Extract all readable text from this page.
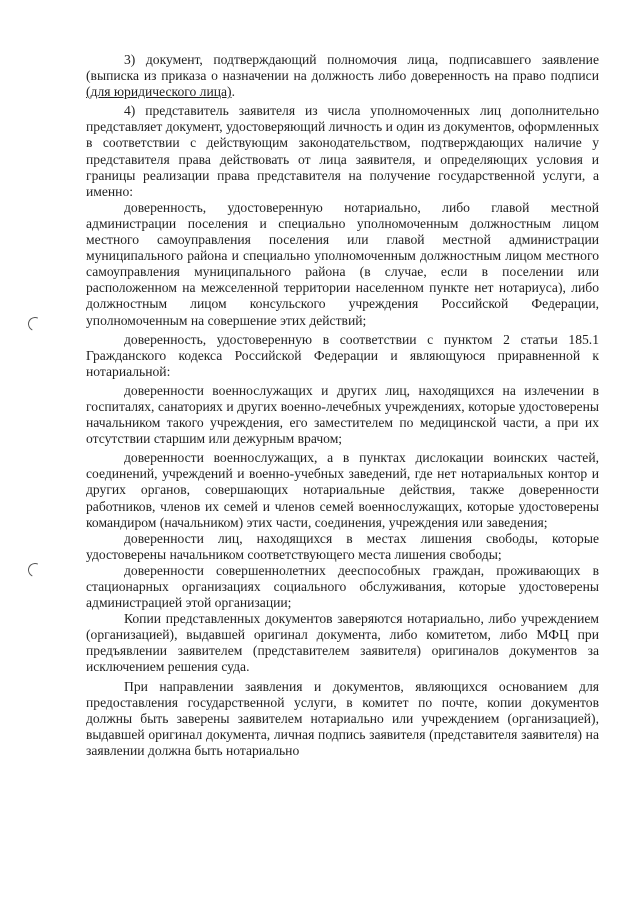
3) документ, подтверждающий полномочия лица, подписавшего заявление (выписка из приказа о назначении на должность либо доверенность на право подписи (для юридического лица).

4) представитель заявителя из числа уполномоченных лиц дополнительно представляет документ, удостоверяющий личность и один из документов, оформленных в соответствии с действующим законодательством, подтверждающих наличие у представителя права действовать от лица заявителя, и определяющих условия и границы реализации права представителя на получение государственной услуги, а именно:

доверенность, удостоверенную нотариально, либо главой местной администрации поселения и специально уполномоченным должностным лицом местного самоуправления поселения или главой местной администрации муниципального района и специально уполномоченным должностным лицом местного самоуправления муниципального района (в случае, если в поселении или расположенном на межселенной территории населенном пункте нет нотариуса), либо должностным лицом консульского учреждения Российской Федерации, уполномоченным на совершение этих действий;

доверенность, удостоверенную в соответствии с пунктом 2 статьи 185.1 Гражданского кодекса Российской Федерации и являющуюся приравненной к нотариальной:

доверенности военнослужащих и других лиц, находящихся на излечении в госпиталях, санаториях и других военно-лечебных учреждениях, которые удостоверены начальником такого учреждения, его заместителем по медицинской части, а при их отсутствии старшим или дежурным врачом;

доверенности военнослужащих, а в пунктах дислокации воинских частей, соединений, учреждений и военно-учебных заведений, где нет нотариальных контор и других органов, совершающих нотариальные действия, также доверенности работников, членов их семей и членов семей военнослужащих, которые удостоверены командиром (начальником) этих части, соединения, учреждения или заведения;

доверенности лиц, находящихся в местах лишения свободы, которые удостоверены начальником соответствующего места лишения свободы;

доверенности совершеннолетних дееспособных граждан, проживающих в стационарных организациях социального обслуживания, которые удостоверены администрацией этой организации;

Копии представленных документов заверяются нотариально, либо учреждением (организацией), выдавшей оригинал документа, либо комитетом, либо МФЦ при предъявлении заявителем (представителем заявителя) оригиналов документов за исключением решения суда.

При направлении заявления и документов, являющихся основанием для предоставления государственной услуги, в комитет по почте, копии документов должны быть заверены заявителем нотариально или учреждением (организацией), выдавшей оригинал документа, личная подпись заявителя (представителя заявителя) на заявлении должна быть нотариально
